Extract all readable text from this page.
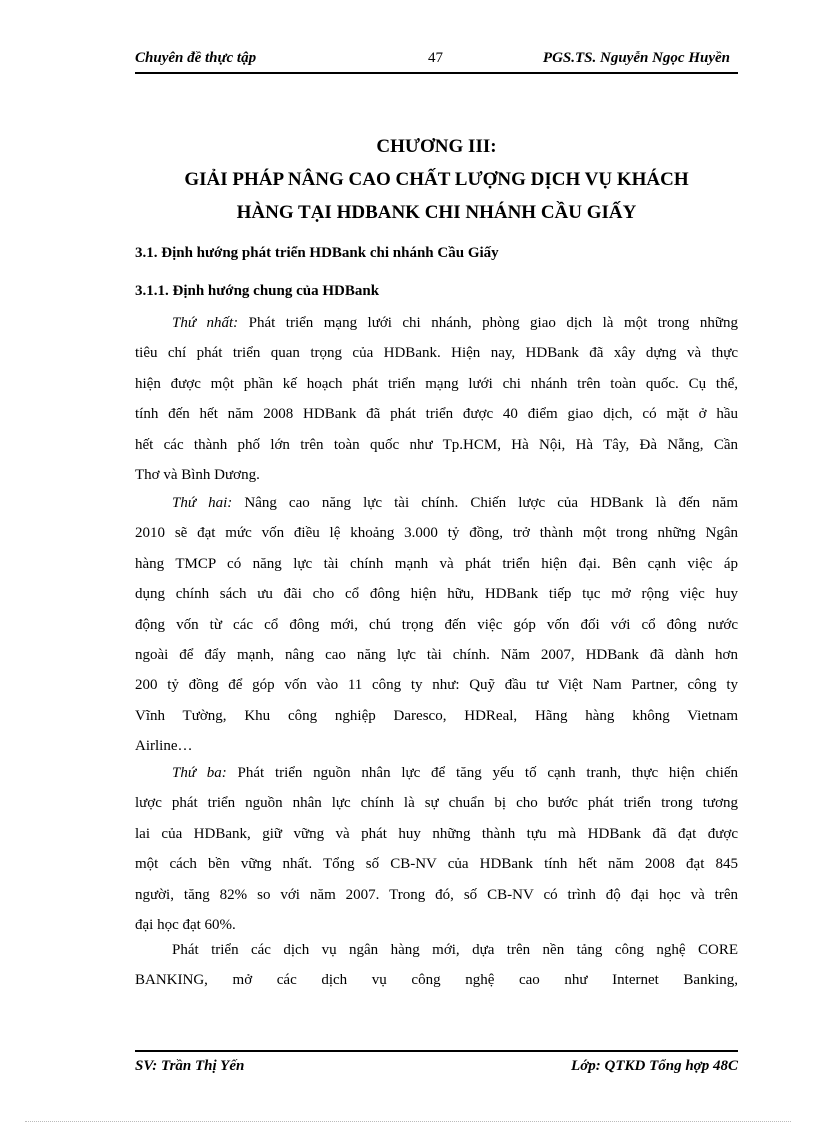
Chuyên đề thực tập	47	PGS.TS. Nguyễn Ngọc Huyền
CHƯƠNG III:
GIẢI PHÁP NÂNG CAO CHẤT LƯỢNG DỊCH VỤ KHÁCH
HÀNG TẠI HDBANK CHI NHÁNH CẦU GIẤY
3.1. Định hướng phát triển HDBank chi nhánh Cầu Giấy
3.1.1. Định hướng chung của HDBank
Thứ nhất: Phát triển mạng lưới chi nhánh, phòng giao dịch là một trong những
tiêu chí phát triển quan trọng của HDBank. Hiện nay, HDBank đã xây dựng và thực
hiện được một phần kế hoạch phát triển mạng lưới chi nhánh trên toàn quốc. Cụ thể,
tính đến hết năm 2008 HDBank đã phát triển được 40 điểm giao dịch, có mặt ở hầu
hết các thành phố lớn trên toàn quốc như Tp.HCM, Hà Nội, Hà Tây, Đà Nẵng, Cần
Thơ và Bình Dương.
Thứ hai: Nâng cao năng lực tài chính. Chiến lược của HDBank là đến năm
2010 sẽ đạt mức vốn điều lệ khoảng 3.000 tỷ đồng, trở thành một trong những Ngân
hàng TMCP có năng lực tài chính mạnh và phát triển hiện đại. Bên cạnh việc áp
dụng chính sách ưu đãi cho cổ đông hiện hữu, HDBank tiếp tục mở rộng việc huy
động vốn từ các cổ đông mới, chú trọng đến việc góp vốn đối với cổ đông nước
ngoài để đẩy mạnh, nâng cao năng lực tài chính. Năm 2007, HDBank đã dành hơn
200 tỷ đồng để góp vốn vào 11 công ty như: Quỹ đầu tư Việt Nam Partner, công ty
Vĩnh Tường, Khu công nghiệp Daresco, HDReal, Hãng hàng không Vietnam
Airline…
Thứ ba: Phát triển nguồn nhân lực để tăng yếu tố cạnh tranh, thực hiện chiến
lược phát triển nguồn nhân lực chính là sự chuẩn bị cho bước phát triển trong tương
lai của HDBank, giữ vững và phát huy những thành tựu mà HDBank đã đạt được
một cách bền vững nhất. Tổng số CB-NV của HDBank tính hết năm 2008 đạt 845
người, tăng 82% so với năm 2007. Trong đó, số CB-NV có trình độ đại học và trên
đại học đạt 60%.
Phát triển các dịch vụ ngân hàng mới, dựa trên nền tảng công nghệ CORE
BANKING, mở các dịch vụ công nghệ cao như Internet Banking,
SV: Trần Thị Yến	Lớp: QTKD Tổng hợp 48C
